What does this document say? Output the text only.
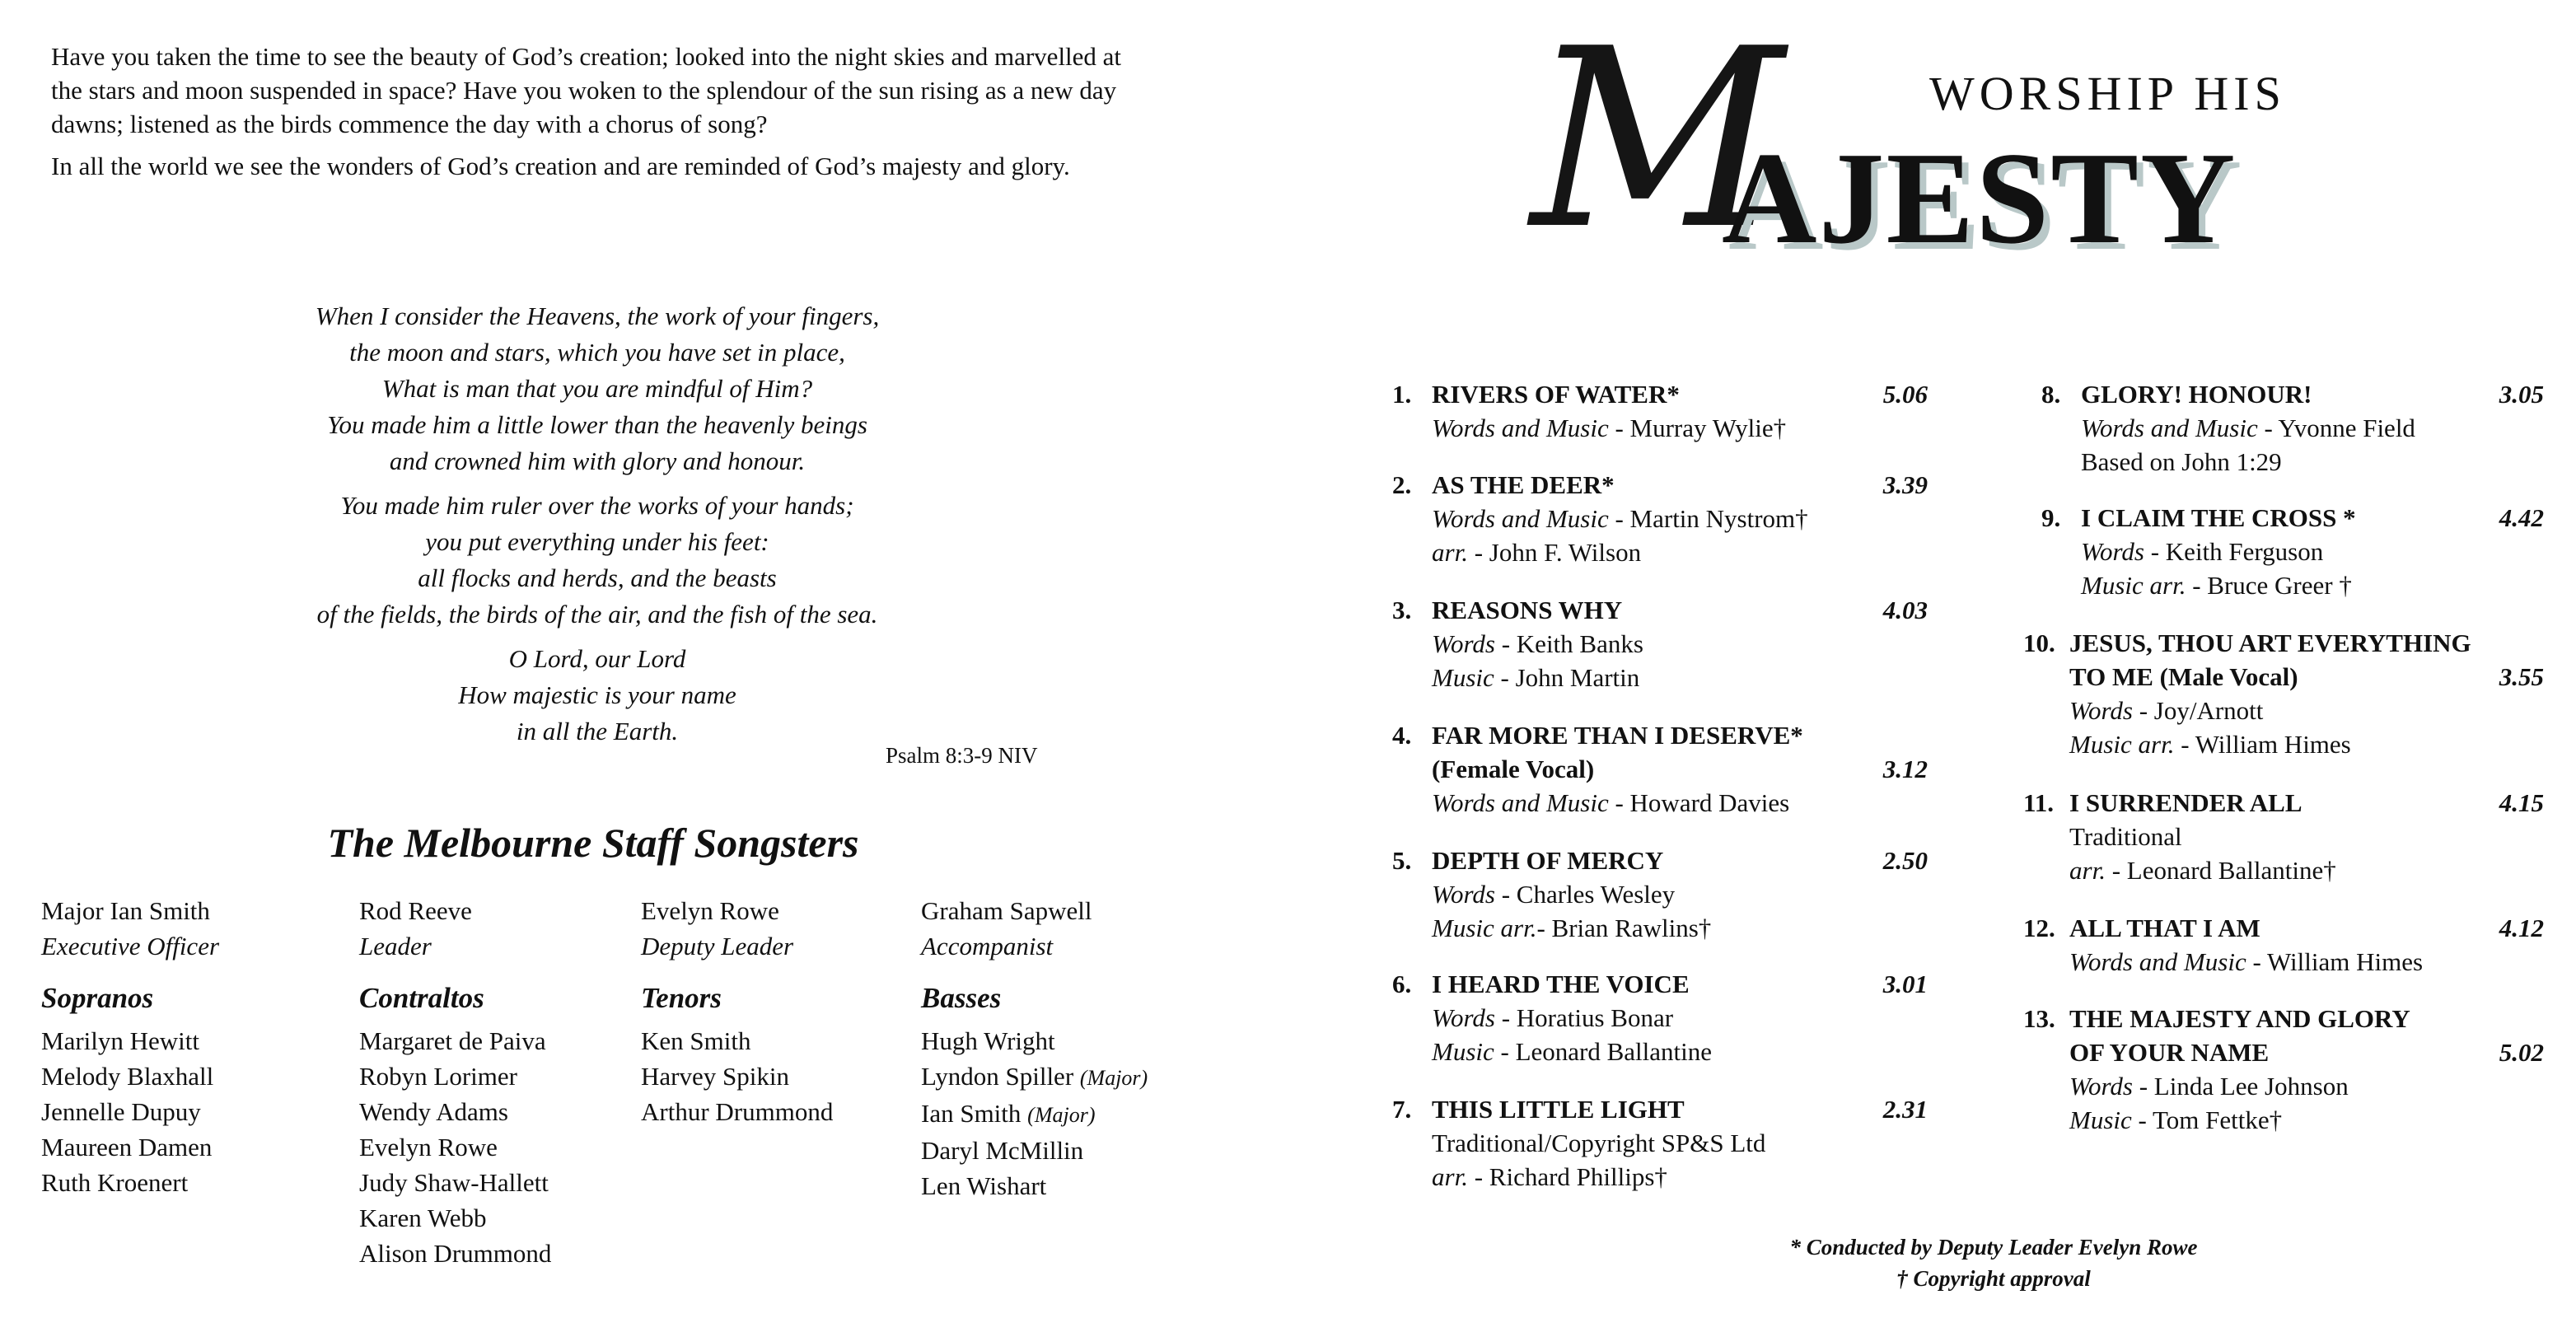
Have you taken the time to see the beauty of God’s creation; looked into the night skies and marvelled at the stars and moon suspended in space? Have you woken to the splendour of the sun rising as a new day dawns; listened as the birds commence the day with a chorus of song?

In all the world we see the wonders of God’s creation and are reminded of God’s majesty and glory.

When I consider the Heavens, the work of your fingers,
the moon and stars, which you have set in place,
What is man that you are mindful of Him?
You made him a little lower than the heavenly beings
and crowned him with glory and honour.
You made him ruler over the works of your hands;
you put everything under his feet:
all flocks and herds, and the beasts
of the fields, the birds of the air, and the fish of the sea.
O Lord, our Lord
How majestic is your name
in all the Earth.
Psalm 8:3-9 NIV
The Melbourne Staff Songsters
Major Ian Smith
Executive Officer
Sopranos
Marilyn Hewitt
Melody Blaxhall
Jennelle Dupuy
Maureen Damen
Ruth Kroenert
Rod Reeve
Leader
Contraltos
Margaret de Paiva
Robyn Lorimer
Wendy Adams
Evelyn Rowe
Judy Shaw-Hallett
Karen Webb
Alison Drummond
Evelyn Rowe
Deputy Leader
Tenors
Ken Smith
Harvey Spikin
Arthur Drummond
Graham Sapwell
Accompanist
Basses
Hugh Wright
Lyndon Spiller (Major)
Ian Smith (Major)
Daryl McMillin
Len Wishart
M	WORSHIP HIS
AJESTY
1. RIVERS OF WATER*	5.06
Words and Music - Murray Wylie†
2. AS THE DEER*	3.39
Words and Music - Martin Nystrom†
arr. - John F. Wilson
3. REASONS WHY	4.03
Words - Keith Banks
Music - John Martin
4. FAR MORE THAN I DESERVE*
(Female Vocal)	3.12
Words and Music - Howard Davies
5. DEPTH OF MERCY	2.50
Words - Charles Wesley
Music arr.- Brian Rawlins†
6. I HEARD THE VOICE	3.01
Words - Horatius Bonar
Music - Leonard Ballantine
7. THIS LITTLE LIGHT	2.31
Traditional/Copyright SP&S Ltd
arr. - Richard Phillips†
8. GLORY! HONOUR!	3.05
Words and Music - Yvonne Field
Based on John 1:29
9. I CLAIM THE CROSS *	4.42
Words - Keith Ferguson
Music arr. - Bruce Greer †
10. JESUS, THOU ART EVERYTHING
TO ME (Male Vocal)	3.55
Words - Joy/Arnott
Music arr. - William Himes
11. I SURRENDER ALL	4.15
Traditional
arr. - Leonard Ballantine†
12. ALL THAT I AM	4.12
Words and Music - William Himes
13. THE MAJESTY AND GLORY
OF YOUR NAME	5.02
Words - Linda Lee Johnson
Music - Tom Fettke†
* Conducted by Deputy Leader Evelyn Rowe
† Copyright approval
